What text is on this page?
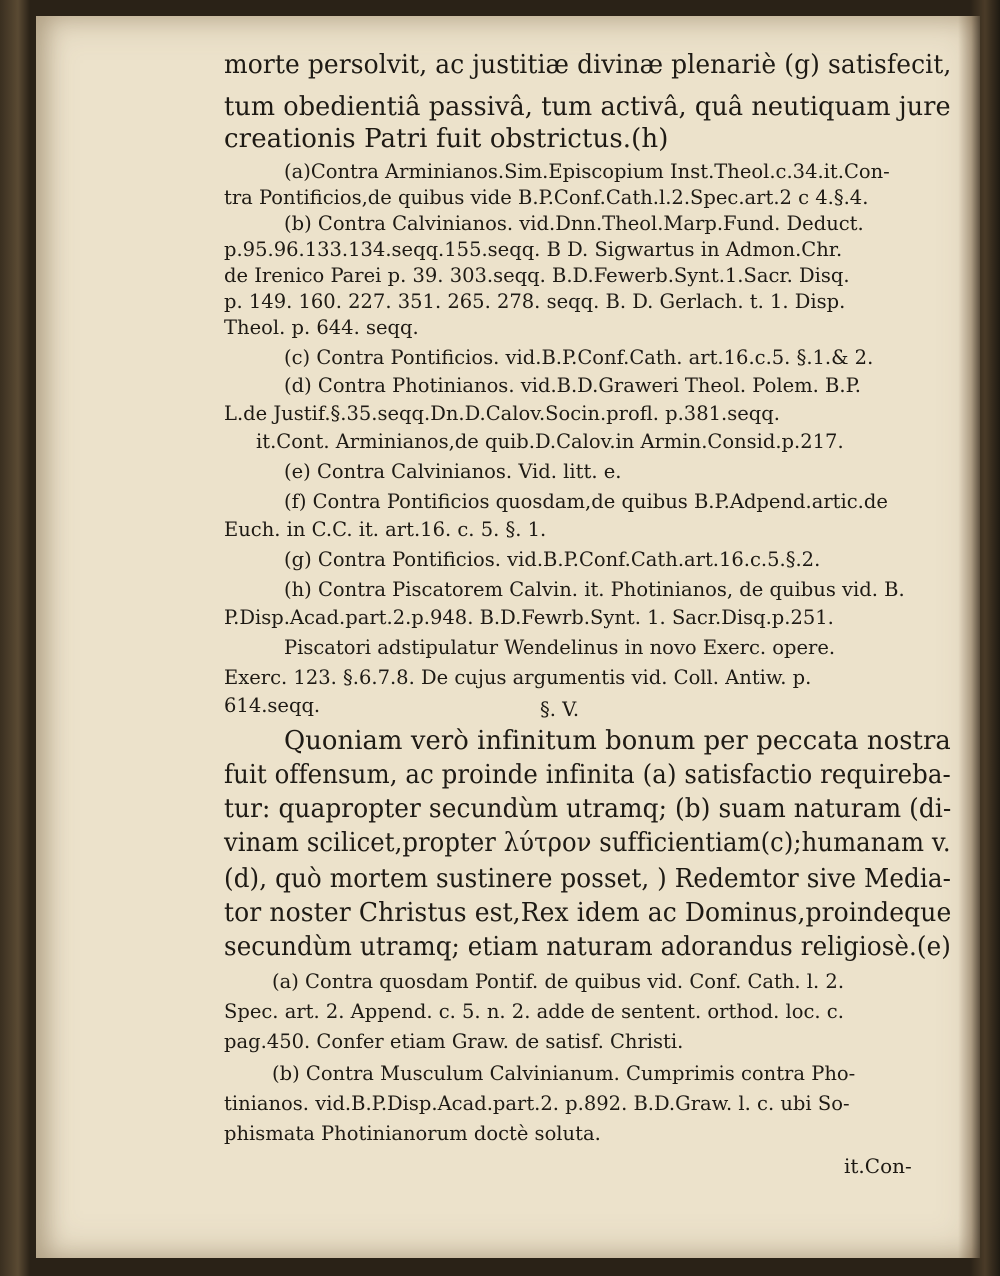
morte persolvit, ac justitiæ divinæ plenariè (g) satisfecit,

tum obedientiâ passivâ, tum activâ, quâ neutiquam jure

creationis Patri fuit obstrictus.(h)

(a)Contra Arminianos.Sim.Episcopium Inst.Theol.c.34.it.Con-

tra Pontificios,de quibus vide B.P.Conf.Cath.l.2.Spec.art.2 c 4.§.4.

(b) Contra Calvinianos. vid.Dnn.Theol.Marp.Fund. Deduct.

p.95.96.133.134.seqq.155.seqq. B D. Sigwartus in Admon.Chr.

de Irenico Parei p. 39. 303.seqq. B.D.Fewerb.Synt.1.Sacr. Disq.

p. 149. 160. 227. 351. 265. 278. seqq. B. D. Gerlach. t. 1. Disp.

Theol. p. 644. seqq.

(c) Contra Pontificios. vid.B.P.Conf.Cath. art.16.c.5. §.1.& 2.

(d) Contra Photinianos. vid.B.D.Graweri Theol. Polem. B.P.

L.de Justif.§.35.seqq.Dn.D.Calov.Socin.profl. p.381.seqq.

it.Cont. Arminianos,de quib.D.Calov.in Armin.Consid.p.217.

(e) Contra Calvinianos. Vid. litt. e.

(f) Contra Pontificios quosdam,de quibus B.P.Adpend.artic.de

Euch. in C.C. it. art.16. c. 5. §. 1.

(g) Contra Pontificios. vid.B.P.Conf.Cath.art.16.c.5.§.2.

(h) Contra Piscatorem Calvin. it. Photinianos, de quibus vid. B.

P.Disp.Acad.part.2.p.948. B.D.Fewrb.Synt. 1. Sacr.Disq.p.251.

Piscatori adstipulatur Wendelinus in novo Exerc. opere.

Exerc. 123. §.6.7.8. De cujus argumentis vid. Coll. Antiw. p.

614.seqq.	§. V.

Quoniam verò infinitum bonum per peccata nostra

fuit offensum, ac proinde infinita (a) satisfactio requireba-

tur: quapropter secundùm utramq; (b) suam naturam (di-

vinam scilicet,propter λύτρον sufficientiam(c);humanam v.

(d), quò mortem sustinere posset, ) Redemtor sive Media-

tor noster Christus est,Rex idem ac Dominus,proindeque

secundùm utramq; etiam naturam adorandus religiosè.(e)

(a) Contra quosdam Pontif. de quibus vid. Conf. Cath. l. 2.

Spec. art. 2. Append. c. 5. n. 2. adde de sentent. orthod. loc. c.

pag.450. Confer etiam Graw. de satisf. Christi.

(b) Contra Musculum Calvinianum. Cumprimis contra Pho-

tinianos. vid.B.P.Disp.Acad.part.2. p.892. B.D.Graw. l. c. ubi So-

phismata Photinianorum doctè soluta.

it.Con-
